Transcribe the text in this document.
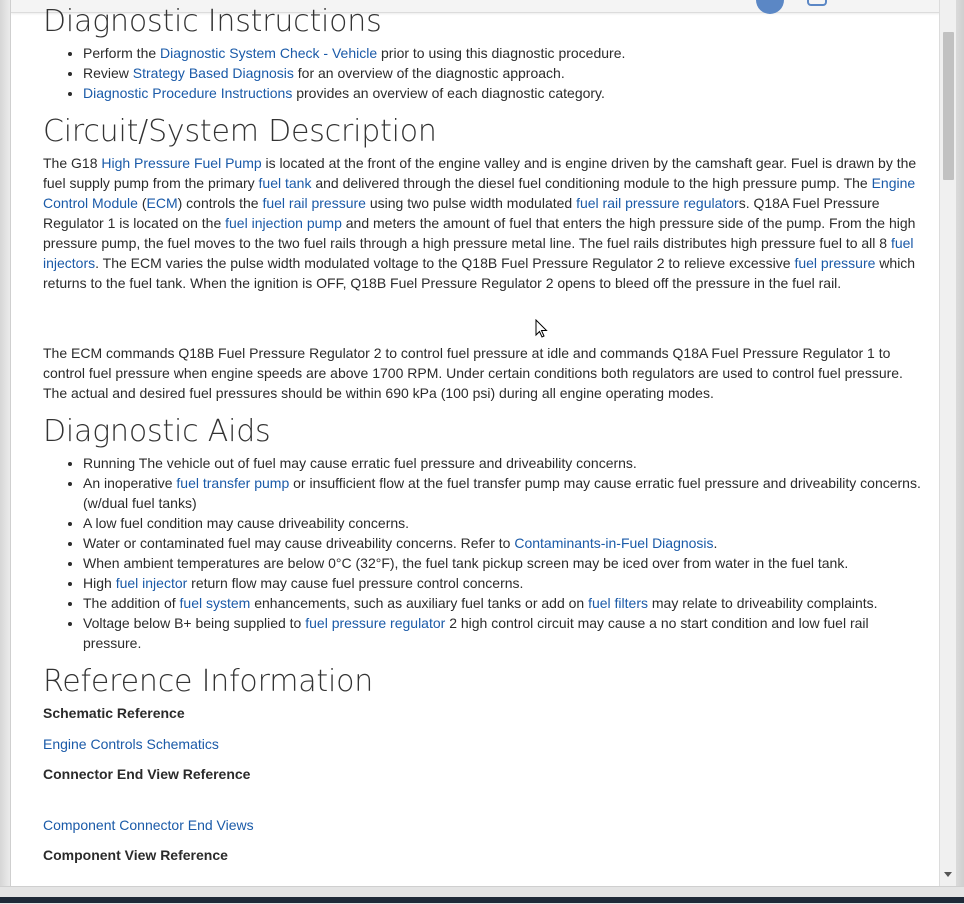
Diagnostic Instructions
• Perform the Diagnostic System Check - Vehicle prior to using this diagnostic procedure.
• Review Strategy Based Diagnosis for an overview of the diagnostic approach.
• Diagnostic Procedure Instructions provides an overview of each diagnostic category.
Circuit/System Description

The G18 High Pressure Fuel Pump is located at the front of the engine valley and is engine driven by the camshaft gear. Fuel is drawn by the fuel supply pump from the primary fuel tank and delivered through the diesel fuel conditioning module to the high pressure pump. The Engine Control Module (ECM) controls the fuel rail pressure using two pulse width modulated fuel rail pressure regulators. Q18A Fuel Pressure Regulator 1 is located on the fuel injection pump and meters the amount of fuel that enters the high pressure side of the pump. From the high pressure pump, the fuel moves to the two fuel rails through a high pressure metal line. The fuel rails distributes high pressure fuel to all 8 fuel injectors. The ECM varies the pulse width modulated voltage to the Q18B Fuel Pressure Regulator 2 to relieve excessive fuel pressure which returns to the fuel tank. When the ignition is OFF, Q18B Fuel Pressure Regulator 2 opens to bleed off the pressure in the fuel rail.

The ECM commands Q18B Fuel Pressure Regulator 2 to control fuel pressure at idle and commands Q18A Fuel Pressure Regulator 1 to control fuel pressure when engine speeds are above 1700 RPM. Under certain conditions both regulators are used to control fuel pressure. The actual and desired fuel pressures should be within 690 kPa (100 psi) during all engine operating modes.

Diagnostic Aids
• Running The vehicle out of fuel may cause erratic fuel pressure and driveability concerns.
• An inoperative fuel transfer pump or insufficient flow at the fuel transfer pump may cause erratic fuel pressure and driveability concerns. (w/dual fuel tanks)
• A low fuel condition may cause driveability concerns.
• Water or contaminated fuel may cause driveability concerns. Refer to Contaminants-in-Fuel Diagnosis.
• When ambient temperatures are below 0°C (32°F), the fuel tank pickup screen may be iced over from water in the fuel tank.
• High fuel injector return flow may cause fuel pressure control concerns.
• The addition of fuel system enhancements, such as auxiliary fuel tanks or add on fuel filters may relate to driveability complaints.
• Voltage below B+ being supplied to fuel pressure regulator 2 high control circuit may cause a no start condition and low fuel rail pressure.
Reference Information
Schematic Reference
Engine Controls Schematics
Connector End View Reference
Component Connector End Views
Component View Reference
